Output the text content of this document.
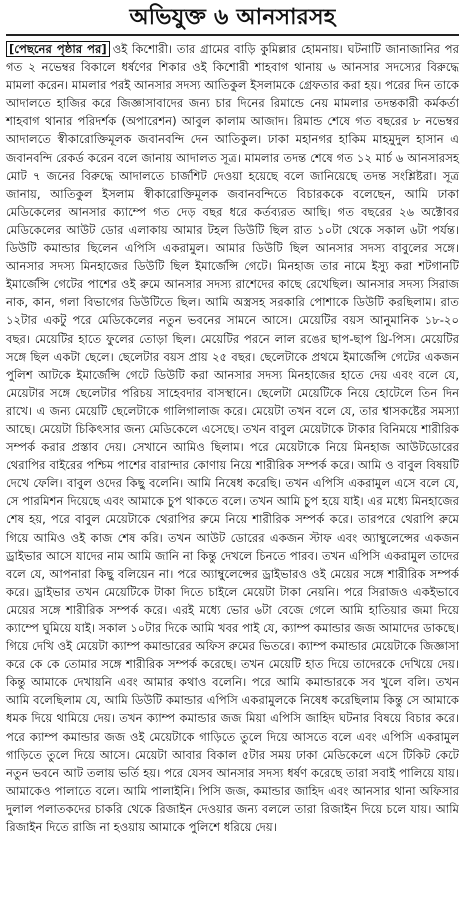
অভিযুক্ত ৬ আনসারসহ
[পেছনের পৃষ্ঠার পর] ওই কিশোরী। তার গ্রামের বাড়ি কুমিল্লার হোমনায়। ঘটনাটি জানাজানির পর গত ২ নভেম্বর বিকালে ধর্ষণের শিকার ওই কিশোরী শাহবাগ থানায় ৬ আনসার সদস্যের বিরুদ্ধে মামলা করেন। মামলার পরই আনসার সদস্য আতিকুল ইসলামকে গ্রেফতার করা হয়। পরের দিন তাকে আদালতে হাজির করে জিজ্ঞাসাবাদের জন্য চার দিনের রিমান্ডে নেয় মামলার তদন্তকারী কর্মকর্তা শাহবাগ থানার পরিদর্শক (অপারেশন) আবুল কালাম আজাদ। রিমান্ড শেষে গত বছরের ৮ নভেম্বর আদালতে স্বীকারোক্তিমূলক জবানবন্দি দেন আতিকুল। ঢাকা মহানগর হাকিম মাহমুদুল হাসান এ জবানবন্দি রেকর্ড করেন বলে জানায় আদালত সূত্র। মামলার তদন্ত শেষে গত ১২ মার্চ ৬ আনসারসহ মোট ৭ জনের বিরুদ্ধে আদালতে চার্জশিট দেওয়া হয়েছে বলে জানিয়েছে তদন্ত সংশ্লিষ্টরা। সূত্র জানায়, আতিকুল ইসলাম স্বীকারোক্তিমূলক জবানবন্দিতে বিচারককে বলেছেন, আমি ঢাকা মেডিকেলের আনসার ক্যাম্পে গত দেড় বছর ধরে কর্তব্যরত আছি। গত বছরের ২৬ অক্টোবর মেডিকেলের আউট ডোর এলাকায় আমার টহল ডিউটি ছিল রাত ১০টা থেকে সকাল ৬টা পর্যন্ত। ডিউটি কমান্ডার ছিলেন এপিসি একরামুল। আমার ডিউটি ছিল আনসার সদস্য বাবুলের সঙ্গে। আনসার সদস্য মিনহাজের ডিউটি ছিল ইমার্জেন্সি গেটে। মিনহাজ তার নামে ইস্যু করা শটগানটি ইমার্জেন্সি গেটের পাশের ওই রুমে আনসার সদস্য রাশেদের কাছে রেখেছিল। আনসার সদস্য সিরাজ নাক, কান, গলা বিভাগের ডিউটিতে ছিল। আমি অস্ত্রসহ সরকারি পোশাকে ডিউটি করছিলাম। রাত ১২টার একটু পরে মেডিকেলের নতুন ভবনের সামনে আসে। মেয়েটির বয়স আনুমানিক ১৮-২০ বছর। মেয়েটির হাতে ফুলের তোড়া ছিল। মেয়েটির পরনে লাল রঙের ছাপ-ছাপ থ্রি-পিস। মেয়েটির সঙ্গে ছিল একটা ছেলে। ছেলেটার বয়স প্রায় ২৫ বছর। ছেলেটাকে প্রথমে ইমার্জেন্সি গেটের একজন পুলিশ আটকে ইমার্জেন্সি গেটে ডিউটি করা আনসার সদস্য মিনহাজের হাতে দেয় এবং বলে যে, মেয়েটার সঙ্গে ছেলেটার পরিচয় সাহেবদার বাসস্থানে। ছেলেটা মেয়েটিকে নিয়ে হোটেলে তিন দিন রাখে। এ জন্য মেয়েটি ছেলেটাকে গালিগালাজ করে। মেয়েটা তখন বলে যে, তার শ্বাসকষ্টের সমস্যা আছে। মেয়েটা চিকিৎসার জন্য মেডিকেলে এসেছে। তখন বাবুল মেয়েটাকে টাকার বিনিময়ে শারীরিক সম্পর্ক করার প্রস্তাব দেয়। সেখানে আমিও ছিলাম। পরে মেয়েটাকে নিয়ে মিনহাজ আউটডোরের থেরাপির বাইরের পশ্চিম পাশের বারান্দার কোণায় নিয়ে শারীরিক সম্পর্ক করে। আমি ও বাবুল বিষয়টি দেখে ফেলি। বাবুল ওদের কিছু বলেনি। আমি নিষেধ করেছি। তখন এপিসি একরামুল এসে বলে যে, সে পারমিশন দিয়েছে এবং আমাকে চুপ থাকতে বলে। তখন আমি চুপ হয়ে যাই। এর মধ্যে মিনহাজের শেষ হয়, পরে বাবুল মেয়েটাকে থেরাপির রুমে নিয়ে শারীরিক সম্পর্ক করে। তারপরে থেরাপি রুমে গিয়ে আমিও ওই কাজ শেষ করি। তখন আউট ডোরের একজন স্টাফ এবং অ্যাম্বুলেন্সের একজন ড্রাইভার আসে যাদের নাম আমি জানি না কিন্তু দেখলে চিনতে পারব। তখন এপিসি একরামুল তাদের বলে যে, আপনারা কিছু বলিয়েন না। পরে অ্যাম্বুলেন্সের ড্রাইভারও ওই মেয়ের সঙ্গে শারীরিক সম্পর্ক করে। ড্রাইভার তখন মেয়েটিকে টাকা দিতে চাইলে মেয়েটা টাকা নেয়নি। পরে সিরাজও একইভাবে মেয়ের সঙ্গে শারীরিক সম্পর্ক করে। এরই মধ্যে ভোর ৬টা বেজে গেলে আমি হাতিয়ার জমা দিয়ে ক্যাম্পে ঘুমিয়ে যাই। সকাল ১০টার দিকে আমি খবর পাই যে, ক্যাম্প কমান্ডার জজ আমাদের ডাকছে। গিয়ে দেখি ওই মেয়েটা ক্যাম্প কমান্ডারের অফিস রুমের ভিতরে। ক্যাম্প কমান্ডার মেয়েটাকে জিজ্ঞাসা করে কে কে তোমার সঙ্গে শারীরিক সম্পর্ক করেছে। তখন মেয়েটি হাত দিয়ে তাদেরকে দেখিয়ে দেয়। কিন্তু আমাকে দেখায়নি এবং আমার কথাও বলেনি। পরে আমি কমান্ডারকে সব খুলে বলি। তখন আমি বলেছিলাম যে, আমি ডিউটি কমান্ডার এপিসি একরামুলকে নিষেধ করেছিলাম কিন্তু সে আমাকে ধমক দিয়ে থামিয়ে দেয়। তখন ক্যাম্প কমান্ডার জজ মিয়া এপিসি জাহিদ ঘটনার বিষয়ে বিচার করে। পরে ক্যাম্প কমান্ডার জজ ওই মেয়েটাকে গাড়িতে তুলে দিয়ে আসতে বলে এবং এপিসি একরামুল গাড়িতে তুলে দিয়ে আসে। মেয়েটা আবার বিকাল ৫টার সময় ঢাকা মেডিকেলে এসে টিকিট কেটে নতুন ভবনে আট তলায় ভর্তি হয়। পরে যেসব আনসার সদস্য ধর্ষণ করেছে তারা সবাই পালিয়ে যায়। আমাকেও পালাতে বলে। আমি পালাইনি। পিসি জজ, কমান্ডার জাহিদ এবং আনসার থানা অফিসার দুলাল পলাতকদের চাকরি থেকে রিজাইন দেওয়ার জন্য বললে তারা রিজাইন দিয়ে চলে যায়। আমি রিজাইন দিতে রাজি না হওয়ায় আমাকে পুলিশে ধরিয়ে দেয়।
